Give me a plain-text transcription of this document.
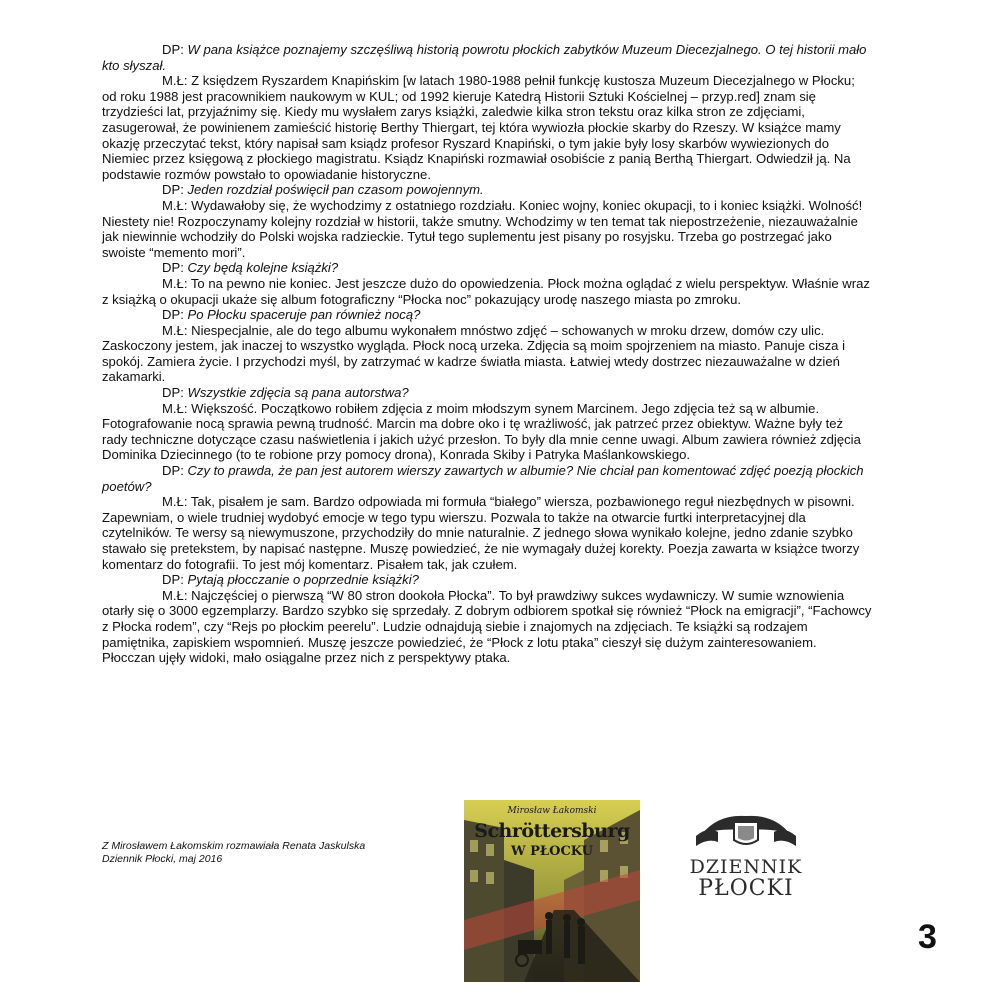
DP: W pana książce poznajemy szczęśliwą historią powrotu płockich zabytków Muzeum Diecezjalnego. O tej historii mało kto słyszał.

M.Ł: Z księdzem Ryszardem Knapińskim [w latach 1980-1988 pełnił funkcję kustosza Muzeum Diecezjalnego w Płocku; od roku 1988 jest pracownikiem naukowym w KUL; od 1992 kieruje Katedrą Historii Sztuki Kościelnej – przyp.red] znam się trzydzieści lat, przyjaźnimy się. Kiedy mu wysłałem zarys książki, zaledwie kilka stron tekstu oraz kilka stron ze zdjęciami, zasugerował, że powinienem zamieścić historię Berthy Thiergart, tej która wywiozła płockie skarby do Rzeszy. W książce mamy okazję przeczytać tekst, który napisał sam ksiądz profesor Ryszard Knapiński, o tym jakie były losy skarbów wywiezionych do Niemiec przez księgową z płockiego magistratu. Ksiądz Knapiński rozmawiał osobiście z panią Berthą Thiergart. Odwiedził ją. Na podstawie rozmów powstało to opowiadanie historyczne.

DP: Jeden rozdział poświęcił pan czasom powojennym.

M.Ł: Wydawałoby się, że wychodzimy z ostatniego rozdziału. Koniec wojny, koniec okupacji, to i koniec książki. Wolność! Niestety nie! Rozpoczynamy kolejny rozdział w historii, także smutny. Wchodzimy w ten temat tak niepostrzeżenie, niezauważalnie jak niewinnie wchodziły do Polski wojska radzieckie. Tytuł tego suplementu jest pisany po rosyjsku. Trzeba go postrzegać jako swoiste “memento mori”.

DP: Czy będą kolejne książki?

M.Ł: To na pewno nie koniec. Jest jeszcze dużo do opowiedzenia. Płock można oglądać z wielu perspektyw. Właśnie wraz z książką o okupacji ukaże się album fotograficzny “Płocka noc” pokazujący urodę naszego miasta po zmroku.

DP: Po Płocku spaceruje pan również nocą?

M.Ł: Niespecjalnie, ale do tego albumu wykonałem mnóstwo zdjęć – schowanych w mroku drzew, domów czy ulic. Zaskoczony jestem, jak inaczej to wszystko wygląda. Płock nocą urzeka. Zdjęcia są moim spojrzeniem na miasto. Panuje cisza i spokój. Zamiera życie. I przychodzi myśl, by zatrzymać w kadrze światła miasta. Łatwiej wtedy dostrzec niezauważalne w dzień zakamarki.

DP: Wszystkie zdjęcia są pana autorstwa?

M.Ł: Większość. Początkowo robiłem zdjęcia z moim młodszym synem Marcinem. Jego zdjęcia też są w albumie. Fotografowanie nocą sprawia pewną trudność. Marcin ma dobre oko i tę wrażliwość, jak patrzeć przez obiektyw. Ważne były też rady techniczne dotyczące czasu naświetlenia i jakich użyć przesłon. To były dla mnie cenne uwagi. Album zawiera również zdjęcia Dominika Dziecinnego (to te robione przy pomocy drona), Konrada Skiby i Patryka Maślankowskiego.

DP: Czy to prawda, że pan jest autorem wierszy zawartych w albumie? Nie chciał pan komentować zdjęć poezją płockich poetów?

M.Ł: Tak, pisałem je sam. Bardzo odpowiada mi formuła “białego” wiersza, pozbawionego reguł niezbędnych w pisowni. Zapewniam, o wiele trudniej wydobyć emocje w tego typu wierszu. Pozwala to także na otwarcie furtki interpretacyjnej dla czytelników. Te wersy są niewymuszone, przychodziły do mnie naturalnie. Z jednego słowa wynikało kolejne, jedno zdanie szybko stawało się pretekstem, by napisać następne. Muszę powiedzieć, że nie wymagały dużej korekty. Poezja zawarta w książce tworzy komentarz do fotografii. To jest mój komentarz. Pisałem tak, jak czułem.

DP: Pytają płocczanie o poprzednie książki?

M.Ł: Najczęściej o pierwszą “W 80 stron dookoła Płocka”. To był prawdziwy sukces wydawniczy. W sumie wznowienia otarły się o 3000 egzemplarzy. Bardzo szybko się sprzedały. Z dobrym odbiorem spotkał się również “Płock na emigracji”, “Fachowcy z Płocka rodem”, czy “Rejs po płockim peerelu”. Ludzie odnajdują siebie i znajomych na zdjęciach. Te książki są rodzajem pamiętnika, zapiskiem wspomnień. Muszę jeszcze powiedzieć, że “Płock z lotu ptaka” cieszył się dużym zainteresowaniem. Płocczan ujęły widoki, mało osiągalne przez nich z perspektywy ptaka.

Z Mirosławem Łakomskim rozmawiała Renata Jaskulska
Dziennik Płocki, maj 2016
Mirosław Łakomski
Schröttersburg
W PŁOCKU
DZIENNIK
PŁOCKI
3
